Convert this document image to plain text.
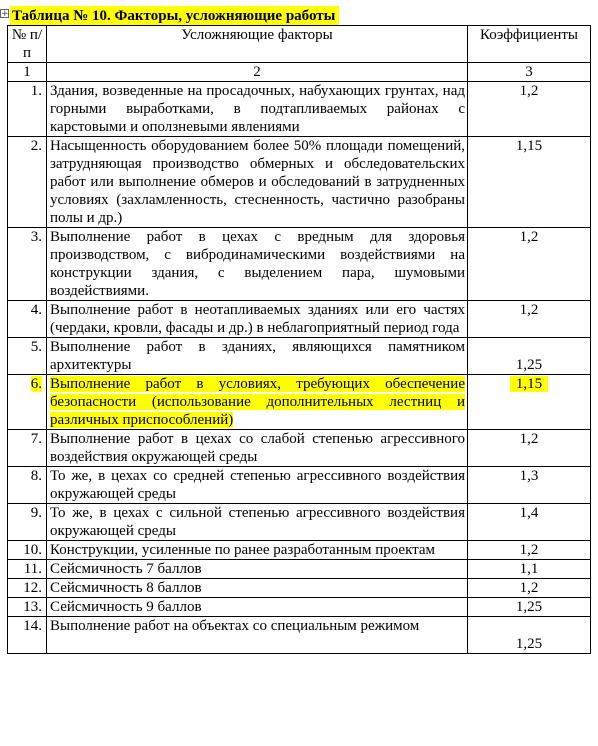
+ Таблица № 10. Факторы, усложняющие работы
№ п/п	Усложняющие факторы	Коэффициенты
1	2	3
1.	Здания, возведенные на просадочных, набухающих грунтах, над горными выработками, в подтапливаемых районах с карстовыми и оползневыми явлениями	1,2
2.	Насыщенность оборудованием более 50% площади помещений, затрудняющая производство обмерных и обследовательских работ или выполнение обмеров и обследований в затрудненных условиях (захламленность, стесненность, частично разобраны полы и др.)	1,15
3.	Выполнение работ в цехах с вредным для здоровья производством, с вибродинамическими воздействиями на конструкции здания, с выделением пара, шумовыми воздействиями.	1,2
4.	Выполнение работ в неотапливаемых зданиях или его частях (чердаки, кровли, фасады и др.) в неблагоприятный период года	1,2
5.	Выполнение работ в зданиях, являющихся памятником архитектуры	1,25
6.	Выполнение работ в условиях, требующих обеспечение безопасности (использование дополнительных лестниц и различных приспособлений)	1,15
7.	Выполнение работ в цехах со слабой степенью агрессивного воздействия окружающей среды	1,2
8.	То же, в цехах со средней степенью агрессивного воздействия окружающей среды	1,3
9.	То же, в цехах с сильной степенью агрессивного воздействия окружающей среды	1,4
10.	Конструкции, усиленные по ранее разработанным проектам	1,2
11.	Сейсмичность 7 баллов	1,1
12.	Сейсмичность 8 баллов	1,2
13.	Сейсмичность 9 баллов	1,25
14.	Выполнение работ на объектах со специальным режимом	1,25
